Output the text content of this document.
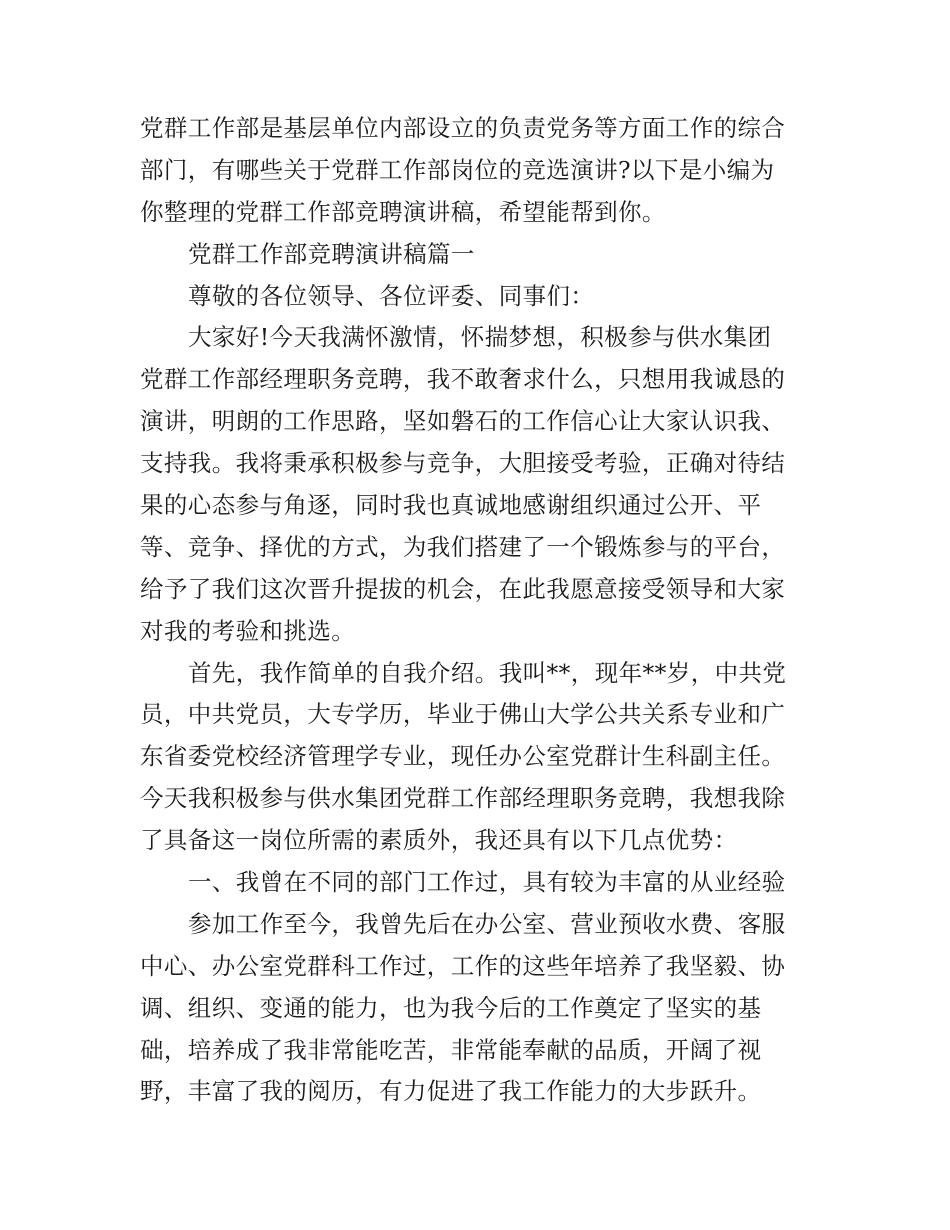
党群工作部是基层单位内部设立的负责党务等方面工作的综合
部门，有哪些关于党群工作部岗位的竞选演讲?以下是小编为
你整理的党群工作部竞聘演讲稿，希望能帮到你。
党群工作部竞聘演讲稿篇一
尊敬的各位领导、各位评委、同事们：
大家好!今天我满怀激情，怀揣梦想，积极参与供水集团
党群工作部经理职务竞聘，我不敢奢求什么，只想用我诚恳的
演讲，明朗的工作思路，坚如磐石的工作信心让大家认识我、
支持我。我将秉承积极参与竞争，大胆接受考验，正确对待结
果的心态参与角逐，同时我也真诚地感谢组织通过公开、平
等、竞争、择优的方式，为我们搭建了一个锻炼参与的平台，
给予了我们这次晋升提拔的机会，在此我愿意接受领导和大家
对我的考验和挑选。
首先，我作简单的自我介绍。我叫**，现年**岁，中共党
员，中共党员，大专学历，毕业于佛山大学公共关系专业和广
东省委党校经济管理学专业，现任办公室党群计生科副主任。
今天我积极参与供水集团党群工作部经理职务竞聘，我想我除
了具备这一岗位所需的素质外，我还具有以下几点优势：
一、我曾在不同的部门工作过，具有较为丰富的从业经验
参加工作至今，我曾先后在办公室、营业预收水费、客服
中心、办公室党群科工作过，工作的这些年培养了我坚毅、协
调、组织、变通的能力，也为我今后的工作奠定了坚实的基
础，培养成了我非常能吃苦，非常能奉献的品质，开阔了视
野，丰富了我的阅历，有力促进了我工作能力的大步跃升。
